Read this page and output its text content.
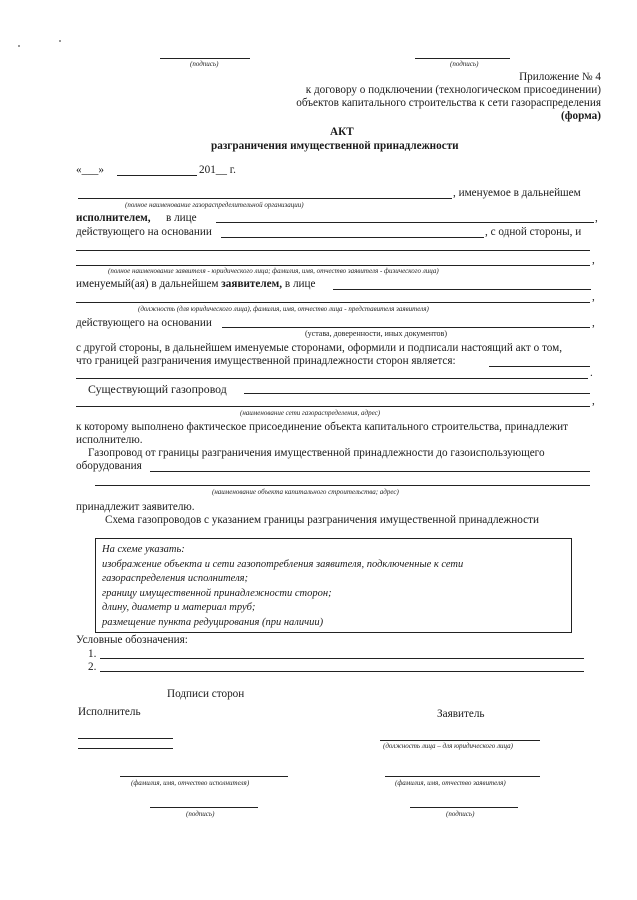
(подпись)	(подпись)
Приложение № 4
к договору о подключении (технологическом присоединении)
объектов капитального строительства к сети газораспределения
(форма)
АКТ
разграничения имущественной принадлежности
«___»	201__ г.
, именуемое в дальнейшем
(полное наименование газораспределительной организации)
исполнителем, в лице	,
действующего на основании	, с одной стороны, и
,
(полное наименование заявителя - юридического лица; фамилия, имя, отчество заявителя - физического лица)
именуемый(ая) в дальнейшем заявителем, в лице
,
(должность (для юридического лица), фамилия, имя, отчество лица - представителя заявителя)
действующего на основании	,
(устава, доверенности, иных документов)
с другой стороны, в дальнейшем именуемые сторонами, оформили и подписали настоящий акт о том,
что границей разграничения имущественной принадлежности сторон является:
.
Существующий газопровод
,
(наименование сети газораспределения, адрес)
к которому выполнено фактическое присоединение объекта капитального строительства, принадлежит
исполнителю.
Газопровод от границы разграничения имущественной принадлежности до газоиспользующего
оборудования
(наименование объекта капитального строительства; адрес)
принадлежит заявителю.
Схема газопроводов с указанием границы разграничения имущественной принадлежности
На схеме указать:
изображение объекта и сети газопотребления заявителя, подключенные к сети
газораспределения исполнителя;
границу имущественной принадлежности сторон;
длину, диаметр и материал труб;
размещение пункта редуцирования (при наличии)
Условные обозначения:
1.
2.
Подписи сторон
Исполнитель	Заявитель
(должность лица – для юридического лица)
(фамилия, имя, отчество исполнителя)	(фамилия, имя, отчество заявителя)
(подпись)	(подпись)
